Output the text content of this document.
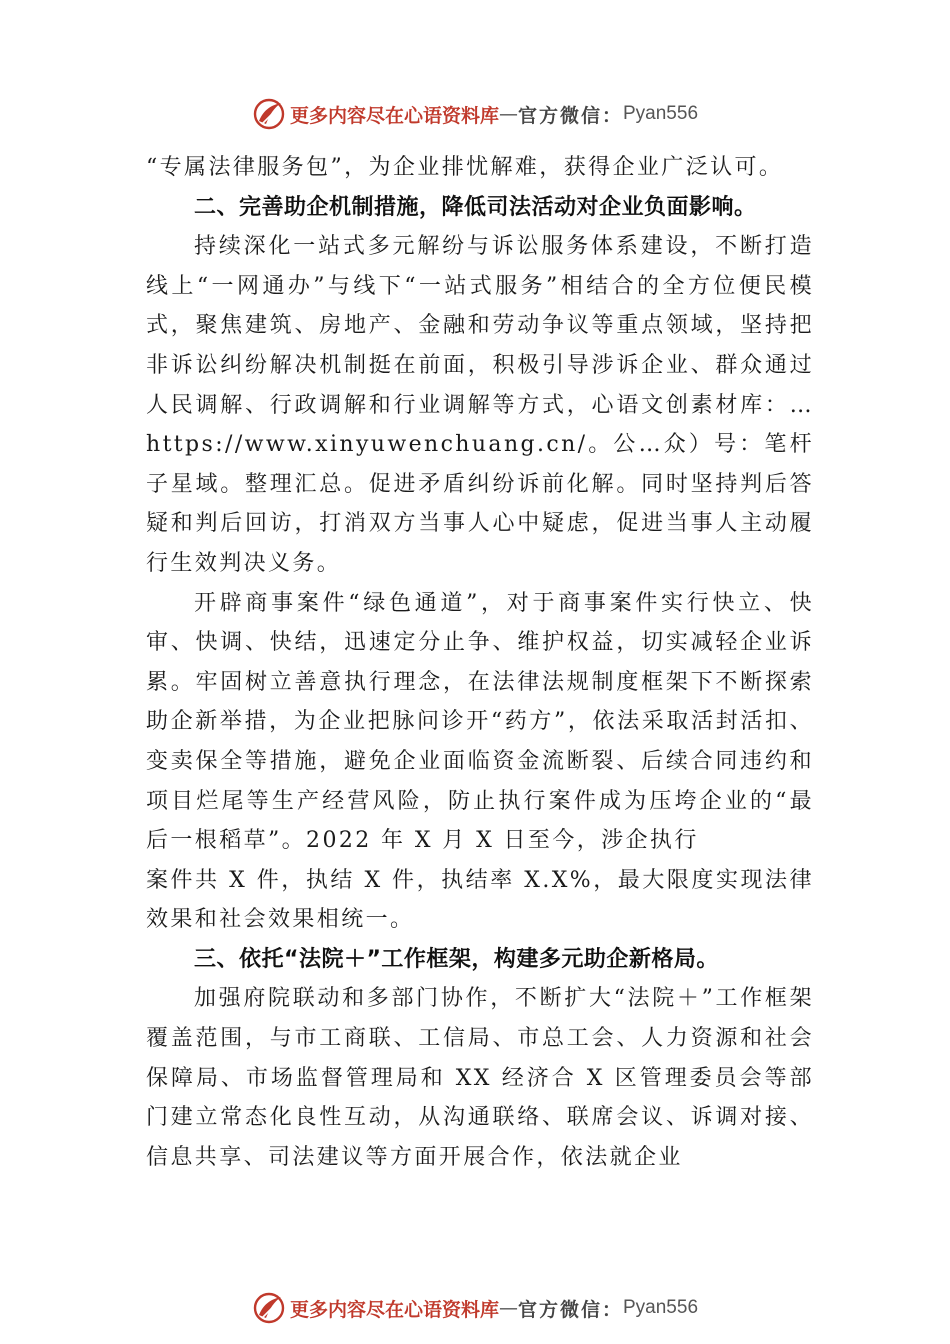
更多内容尽在心语资料库 — 官方微信： Pyan556

“专属法律服务包”，为企业排忧解难，获得企业广泛认可。

二、完善助企机制措施，降低司法活动对企业负面影响。

持续深化一站式多元解纷与诉讼服务体系建设，不断打造线上“一网通办”与线下“一站式服务”相结合的全方位便民模式，聚焦建筑、房地产、金融和劳动争议等重点领域，坚持把非诉讼纠纷解决机制挺在前面，积极引导涉诉企业、群众通过人民调解、行政调解和行业调解等方式，心语文创素材库：…https://www.xinyuwenchuang.cn/。公…众）号：笔杆子星域。整理汇总。促进矛盾纠纷诉前化解。同时坚持判后答疑和判后回访，打消双方当事人心中疑虑，促进当事人主动履行生效判决义务。

开辟商事案件“绿色通道”，对于商事案件实行快立、快审、快调、快结，迅速定分止争、维护权益，切实减轻企业诉累。牢固树立善意执行理念，在法律法规制度框架下不断探索助企新举措，为企业把脉问诊开“药方”，依法采取活封活扣、变卖保全等措施，避免企业面临资金流断裂、后续合同违约和项目烂尾等生产经营风险，防止执行案件成为压垮企业的“最后一根稻草”。2022 年 X 月 X 日至今，涉企执行

案件共 X 件，执结 X 件，执结率 X.X%，最大限度实现法律效果和社会效果相统一。

三、依托“法院＋”工作框架，构建多元助企新格局。

加强府院联动和多部门协作，不断扩大“法院＋”工作框架覆盖范围，与市工商联、工信局、市总工会、人力资源和社会保障局、市场监督管理局和 XX 经济合 X 区管理委员会等部门建立常态化良性互动，从沟通联络、联席会议、诉调对接、信息共享、司法建议等方面开展合作，依法就企业

更多内容尽在心语资料库 — 官方微信： Pyan556
